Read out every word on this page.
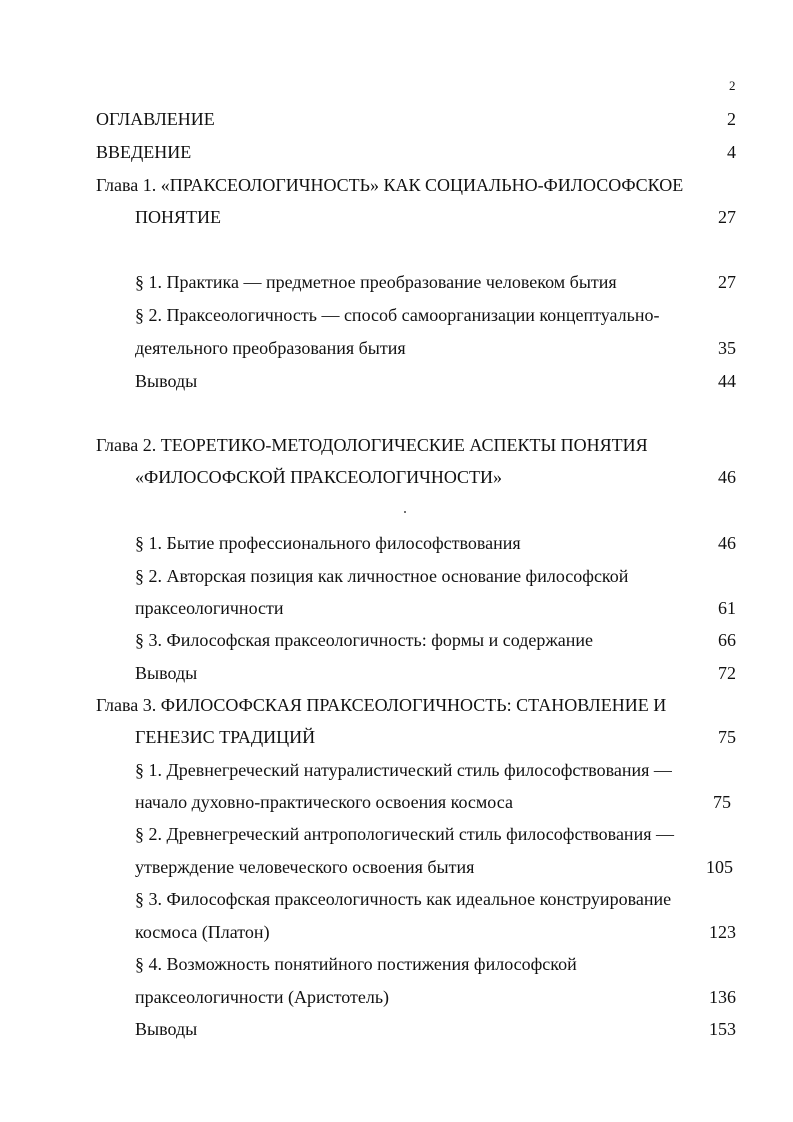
2
ОГЛАВЛЕНИЕ	2
ВВЕДЕНИЕ	4
Глава 1. «ПРАКСЕОЛОГИЧНОСТЬ» КАК СОЦИАЛЬНО-ФИЛОСОФСКОЕ
ПОНЯТИЕ	27
§ 1. Практика — предметное преобразование человеком бытия	27
§ 2. Праксеологичность — способ самоорганизации концептуально-
деятельного преобразования бытия	35
Выводы	44
Глава 2. ТЕОРЕТИКО-МЕТОДОЛОГИЧЕСКИЕ АСПЕКТЫ ПОНЯТИЯ
«ФИЛОСОФСКОЙ ПРАКСЕОЛОГИЧНОСТИ»	46
§ 1. Бытие профессионального философствования	46
§ 2. Авторская позиция как личностное основание философской
праксеологичности	61
§ 3. Философская праксеологичность: формы и содержание	66
Выводы	72
Глава 3. ФИЛОСОФСКАЯ ПРАКСЕОЛОГИЧНОСТЬ: СТАНОВЛЕНИЕ И
ГЕНЕЗИС ТРАДИЦИЙ	75
§ 1. Древнегреческий натуралистический стиль философствования —
начало духовно-практического освоения космоса	75
§ 2. Древнегреческий антропологический стиль философствования —
утверждение человеческого освоения бытия	105
§ 3. Философская праксеологичность как идеальное конструирование
космоса (Платон)	123
§ 4. Возможность понятийного постижения философской
праксеологичности (Аристотель)	136
Выводы	153
